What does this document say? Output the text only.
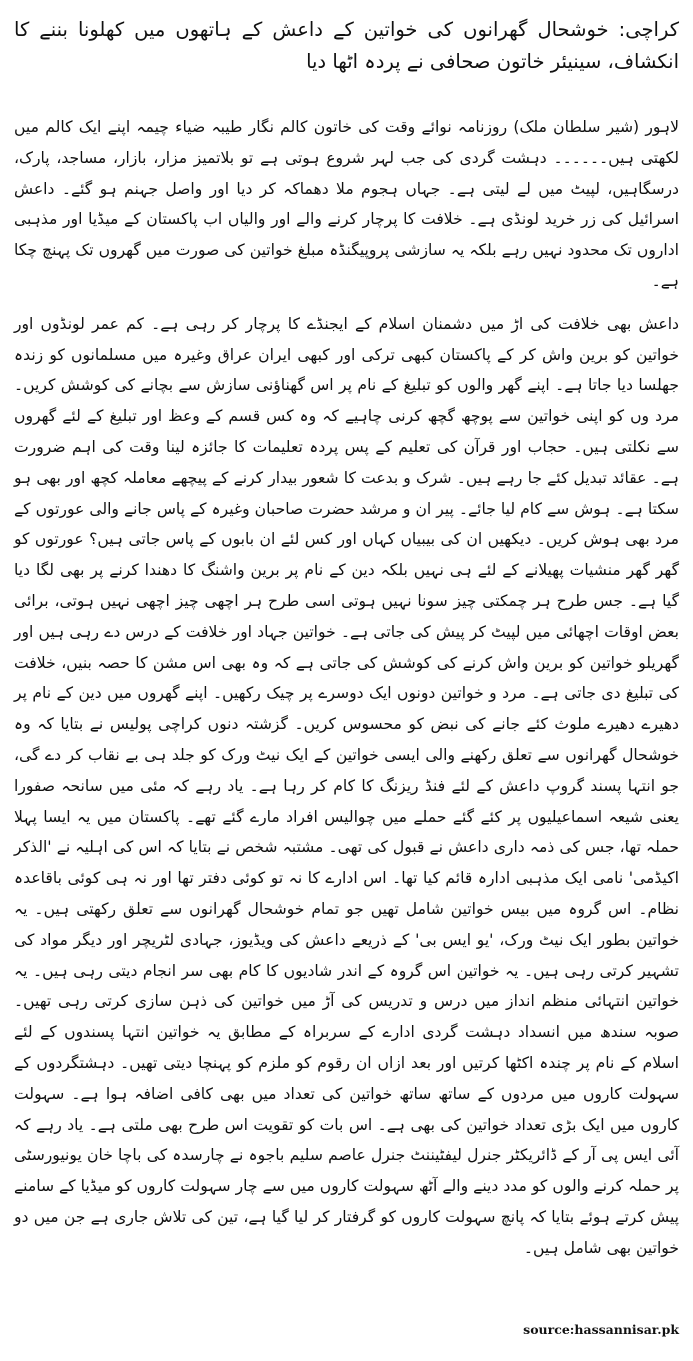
کراچی: خوشحال گھرانوں کی خواتین کے داعش کے ہاتھوں میں کھلونا بننے کا انکشاف، سینیئر خاتون صحافی نے پردہ اٹھا دیا

لاہور (شیر سلطان ملک) روزنامہ نوائے وقت کی خاتون کالم نگار طیبہ ضیاء چیمہ اپنے ایک کالم میں لکھتی ہیں۔۔۔۔۔۔ دہشت گردی کی جب لہر شروع ہوتی ہے تو بلاتمیز مزار، بازار، مساجد، پارک، درسگاہیں، لپیٹ میں لے لیتی ہے۔ جہاں ہجوم ملا دھماکہ کر دیا اور واصل جہنم ہو گئے۔ داعش اسرائیل کی زر خرید لونڈی ہے۔ خلافت کا پرچار کرنے والے اور والیاں اب پاکستان کے میڈیا اور مذہبی اداروں تک محدود نہیں رہے بلکہ یہ سازشی پروپیگنڈہ مبلغ خواتین کی صورت میں گھروں تک پہنچ چکا ہے۔

داعش بھی خلافت کی اڑ میں دشمنان اسلام کے ایجنڈے کا پرچار کر رہی ہے۔ کم عمر لونڈوں اور خواتین کو برین واش کر کے پاکستان کبھی ترکی اور کبھی ایران عراق وغیرہ میں مسلمانوں کو زندہ جھلسا دیا جاتا ہے۔ اپنے گھر والوں کو تبلیغ کے نام پر اس گھناؤنی سازش سے بچانے کی کوشش کریں۔ مرد وں کو اپنی خواتین سے پوچھ گچھ کرنی چاہیے کہ وہ کس قسم کے وعظ اور تبلیغ کے لئے گھروں سے نکلتی ہیں۔ حجاب اور قرآن کی تعلیم کے پس پردہ تعلیمات کا جائزہ لینا وقت کی اہم ضرورت ہے۔ عقائد تبدیل کئے جا رہے ہیں۔ شرک و بدعت کا شعور بیدار کرنے کے پیچھے معاملہ کچھ اور بھی ہو سکتا ہے۔ ہوش سے کام لیا جائے۔ پیر ان و مرشد حضرت صاحبان وغیرہ کے پاس جانے والی عورتوں کے مرد بھی ہوش کریں۔ دیکھیں ان کی بیبیاں کہاں اور کس لئے ان بابوں کے پاس جاتی ہیں؟ عورتوں کو گھر گھر منشیات پھیلانے کے لئے ہی نہیں بلکہ دین کے نام پر برین واشنگ کا دھندا کرنے پر بھی لگا دیا گیا ہے۔ جس طرح ہر چمکتی چیز سونا نہیں ہوتی اسی طرح ہر اچھی چیز اچھی نہیں ہوتی، برائی بعض اوقات اچھائی میں لپیٹ کر پیش کی جاتی ہے۔ خواتین جہاد اور خلافت کے درس دے رہی ہیں اور گھریلو خواتین کو برین واش کرنے کی کوشش کی جاتی ہے کہ وہ بھی اس مشن کا حصہ بنیں، خلافت کی تبلیغ دی جاتی ہے۔ مرد و خواتین دونوں ایک دوسرے پر چیک رکھیں۔ اپنے گھروں میں دین کے نام پر دھیرے دھیرے ملوث کئے جانے کی نبض کو محسوس کریں۔ گزشتہ دنوں کراچی پولیس نے بتایا کہ وہ خوشحال گھرانوں سے تعلق رکھنے والی ایسی خواتین کے ایک نیٹ ورک کو جلد ہی بے نقاب کر دے گی، جو انتہا پسند گروپ داعش کے لئے فنڈ ریزنگ کا کام کر رہا ہے۔ یاد رہے کہ مئی میں سانحہ صفورا یعنی شیعہ اسماعیلیوں پر کئے گئے حملے میں چوالیس افراد مارے گئے تھے۔ پاکستان میں یہ ایسا پہلا حملہ تھا، جس کی ذمہ داری داعش نے قبول کی تھی۔ مشتبہ شخص نے بتایا کہ اس کی اہلیہ نے 'الذکر اکیڈمی' نامی ایک مذہبی ادارہ قائم کیا تھا۔ اس ادارے کا نہ تو کوئی دفتر تھا اور نہ ہی کوئی باقاعدہ نظام۔ اس گروہ میں بیس خواتین شامل تھیں جو تمام خوشحال گھرانوں سے تعلق رکھتی ہیں۔ یہ خواتین بطور ایک نیٹ ورک، 'یو ایس بی' کے ذریعے داعش کی ویڈیوز، جہادی لٹریچر اور دیگر مواد کی تشہیر کرتی رہی ہیں۔ یہ خواتین اس گروہ کے اندر شادیوں کا کام بھی سر انجام دیتی رہی ہیں۔ یہ خواتین انتہائی منظم انداز میں درس و تدریس کی آڑ میں خواتین کی ذہن سازی کرتی رہی تھیں۔ صوبہ سندھ میں انسداد دہشت گردی ادارے کے سربراہ کے مطابق یہ خواتین انتہا پسندوں کے لئے اسلام کے نام پر چندہ اکٹھا کرتیں اور بعد ازاں ان رقوم کو ملزم کو پہنچا دیتی تھیں۔ دہشتگردوں کے سہولت کاروں میں مردوں کے ساتھ ساتھ خواتین کی تعداد میں بھی کافی اضافہ ہوا ہے۔ سہولت کاروں میں ایک بڑی تعداد خواتین کی بھی ہے۔ اس بات کو تقویت اس طرح بھی ملتی ہے۔ یاد رہے کہ آئی ایس پی آر کے ڈائریکٹر جنرل لیفٹیننٹ جنرل عاصم سلیم باجوہ نے چارسدہ کی باچا خان یونیورسٹی پر حملہ کرنے والوں کو مدد دینے والے آٹھ سہولت کاروں میں سے چار سہولت کاروں کو میڈیا کے سامنے پیش کرتے ہوئے بتایا کہ پانچ سہولت کاروں کو گرفتار کر لیا گیا ہے، تین کی تلاش جاری ہے جن میں دو خواتین بھی شامل ہیں۔

source:hassannisar.pk
